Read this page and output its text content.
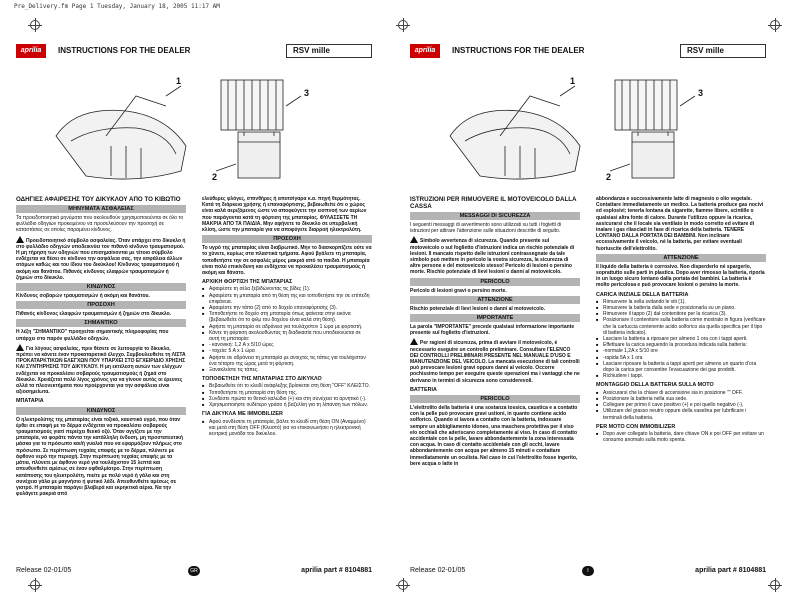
Pre_Delivery.fm Page 1 Tuesday, January 18, 2005 11:17 AM
aprilia	INSTRUCTIONS FOR THE DEALER	RSV mille
1
2
3
ΟΔΗΓΙΕΣ ΑΦΑΙΡΕΣΗΣ ΤΟΥ ΔΙΚΥΚΛΟΥ ΑΠΟ ΤΟ ΚΙΒΩΤΙΟ
ΜΗΝΥΜΑΤΑ ΑΣΦΑΛΕΙΑΣ

Τα προειδοποιητικά μηνύματα που ακολουθούν χρησιμοποιούνται σε όλο το φυλλάδιο οδηγιών προκειμένου να προσελκύσουν την προσοχή σε καταστάσεις σε οποίες παραμένει κίνδυνος.

Προειδοποιητικό σύμβολο ασφαλείας. Όταν υπάρχει στο δίκυκλο ή στο φυλλάδιο οδηγιών υποδεικνύει τον πιθανό κίνδυνο τραυματισμού. Η μη τήρηση των οδηγιών που επισημαίνονται με τέτοιο σύμβολο ενδέχεται να θέσει σε κίνδυνο την ασφάλεια σας, την ασφάλεια άλλων ατόμων καθώς και του ίδιου του δικύκλου! Κίνδυνος τραυματισμού ή ακόμη και θανάτου. Πιθανός κίνδυνος ελαφρών τραυματισμών ή ζημιών στο δίκυκλο.

ΚΙΝΔΥΝΟΣ

Κίνδυνος σοβαρών τραυματισμών ή ακόμη και θανάτου.

ΠΡΟΣΟΧΗ

Πιθανός κίνδυνος ελαφρών τραυματισμών ή ζημιών στο δίκυκλο.

ΣΗΜΑΝΤΙΚΟ

Η λέξη "ΣΗΜΑΝΤΙΚΟ" προηγείται σημαντικής πληροφορίας που υπάρχει στο παρόν φυλλάδιο οδηγιών.

Για λόγους ασφαλείας, πριν θέσετε σε λειτουργία το δίκυκλο, πρέπει να κάνετε έναν προκαταρκτικό έλεγχο. Συμβουλευθείτε τη ΛΙΣΤΑ ΠΡΟΚΑΤΑΡΚΤΙΚΩΝ ΕΛΕΓΧΩΝ ΠΟΥ ΥΠΑΡΧΕΙ ΣΤΟ ΕΓΧΕΙΡΙΔΙΟ ΧΡΗΣΗΣ ΚΑΙ ΣΥΝΤΗΡΗΣΗΣ ΤΟΥ ΔΙΚΥΚΛΟΥ. Η μη εκτέλεση αυτών των ελέγχων ενδέχεται να προκαλέσει σοβαρούς τραυματισμούς ή ζημιά στο δίκυκλο. Χρειάζεται πολύ λίγος χρόνος για να γίνουν αυτός οι έρευνες αλλά τα πλεονεκτήματα που προέρχονται για την ασφάλεια είναι αξιοσημείωτα.

ΜΠΑΤΑΡΙΑ
ΚΙΝΔΥΝΟΣ

Ο ηλεκτρολύτης της μπαταρίας είναι τοξικό, καυστικό υγρό, που όταν έρθει σε επαφή με το δέρμα ενδέχεται να προκαλέσει σοβαρούς τραυματισμούς γιατί περιέχει θειικό οξύ. Όταν αγγίζετε με την μπαταρία, να φοράτε πάντα την κατάλληλη ένδυση, μη προστατευτική μάσκα για το πρόσωπο και/ή γυαλιά που να εφαρμόζουν πλήρως στο πρόσωπο. Σε περίπτωση τυχαίας επαφής με το δέρμα, πλύνετε με άφθονο νερό την περιοχή. Στην περίπτωση τυχαίας επαφής με τα μάτια, πλύνετε με άφθονο νερό για τουλάχιστον 15 λεπτά και απευθυνθείτε αμέσως σε έναν οφθαλμίατρο. Στην περίπτωση κατάποσης του ηλεκτρολύτη, πιείτε με πολύ νερό ή γάλα και στη συνέχεια γάλα με μαγνήσιο ή φυτικό λάδι. Απευθυνθείτε αμέσως σε γιατρό. Η μπαταρία παράγει βλαβερά και εκρηκτικά αέρια. Να την φυλάγετε μακριά από

ελεύθερες φλόγες, σπινθήρες ή αποτσίγαρα κ.α. πηγή θερμότητας. Κατά τη διάρκεια χρήσης ή επαναφόρτισης, βεβαιωθείτε ότι ο χώρος είναι καλά αεριζόμενος ώστε να αποφεύγετε την εισπνοή των αερίων που παράγονται κατά τη φόρτιση της μπαταρίας. ΦΥΛΑΣΣΕΤΕ ΤΗ ΜΑΚΡΙΑ ΑΠΟ ΤΑ ΠΑΙΔΙΑ. Μην αφήνετε το δίκυκλο σε υπερβολική κλίση, ώστε την μπαταρία για να αποφύγετε διαρροή ηλεκτρολύτη.

ΠΡΟΣΟΧΗ

Το υγρό της μπαταρίας είναι διαβρωτικό. Μην το διασκορπίζετε ούτε να το χύνετε, κυρίως στα πλαστικά τμήματα. Αφού βγάλετε τη μπαταρία, τοποθετήστε την σε ασφαλές μέρος μακριά από τα παιδιά. Η μπαταρία είναι πολύ επικίνδυνη και ενδέχεται να προκαλέσει τραυματισμούς ή ακόμη και θάνατο.

ΑΡΧΙΚΗ ΦΟΡΤΙΣΗ ΤΗΣ ΜΠΑΤΑΡΙΑΣ
■ Αφαιρέστε τη σέλα ξεβιδώνοντας τις βίδες (1).
■ Αφαιρέστε τη μπαταρία από τη θέση της και τοποθετήστε την σε επίπεδη επιφάνεια.
■ Αφαιρέστε την τάπα (2) από το δοχείο επαναφόρτισης (3).
■ Τοποθετήστε το δοχείο στη μπαταρία όπως φαίνεται στην εικόνα (βεβαιωθείτε ότι το φιλμ του δοχείου είναι καλά στη θέση).
■ Αφήστε τη μπαταρία σε αδράνεια για τουλάχιστον 1 ώρα με φορτιστή.
■ Κάντε τη φόρτιση ακολουθώντας τη διαδικασία που υποδεικνύεται σε αυτή τη μπαταρία:
■ - κανονική: 1,2 A x 5/10 ώρες
■ - ταχεία: 5 A x 1 ώρα
■ Αφήστε σε αδράνεια τη μπαταρία με ανοιχτές τις τάπες για τουλάχιστον ένα τέταρτο της ώρας μετά τη φόρτιση.
■ Ξανακλείστε τις τάπες.
ΤΟΠΟΘΕΤΗΣΗ ΤΗΣ ΜΠΑΤΑΡΙΑΣ ΣΤΟ ΔΙΚΥΚΛΟ
■ Βεβαιωθείτε ότι το κλειδί ανάφλεξης βρίσκεται στη θέση "OFF" ΚΛΕΙΣΤΟ.
■ Τοποθετήστε τη μπαταρία στη θέση της.
■ Συνδέστε πρώτα το θετικό καλώδιο (+) και στη συνέχεια το αρνητικό (-).
■ Χρησιμοποιήστε ουδέτερο γράσο ή βαζελίνη για τη λίπανση των πόλων.
ΓΙΑ ΔΙΚΥΚΛΑ ΜΕ IMMOBILIZER
■ Αφού συνδέσετε τη μπαταρία, βάλτε το κλειδί στη θέση ON (Αναμμένο) και μετά στη θέση OFF (Κλειστό) για να επικοινωνήσει η ηλεκτρονική κεντρική μονάδα του δικύκλου.
Release 02-01/05	GR	aprilia part # 8104881
aprilia	INSTRUCTIONS FOR THE DEALER	RSV mille
1
2
3
ISTRUZIONI PER RIMUOVERE IL MOTOVEICOLO DALLA CASSA
MESSAGGI DI SICUREZZA

I seguenti messaggi di avvertimento sono utilizzati su tutti i fogletti di istruzioni per attirare l'attenzione sulle situazioni descritte di seguito.

Simbolo avvertenza di sicurezza. Quando presente sul motoveicolo o sul foglietto d'istruzioni indica un rischio potenziale di lesioni. Il mancato rispetto delle istruzioni contrassegnate da tale simbolo può mettere in pericolo la vostra sicurezza, la sicurezza di altre persone e del motoveicolo stesso! Pericolo di lesioni o persino morte. Rischio potenziale di lievi lesioni o danni al motoveicolo.

PERICOLO

Pericolo di lesioni gravi o persino morte.

ATTENZIONE

Rischio potenziale di lievi lesioni o danni al motoveicolo.

IMPORTANTE

La parola "IMPORTANTE" precede qualsiasi informazione importante presente sul foglietto d'istruzioni.

Per ragioni di sicurezza, prima di avviare il motoveicolo, è necessario eseguire un controllo preliminare. Consultare l'ELENCO DEI CONTROLLI PRELIMINARI PRESENTE NEL MANUALE D'USO E MANUTENZIONE DEL VEICOLO. La mancata esecuzione di tali controlli può provocare lesioni gravi oppure danni al veicolo. Occorre pochissimo tempo per eseguire queste operazioni ma i vantaggi che ne derivano in termini di sicurezza sono considerevoli.

BATTERIA
PERICOLO

L'elettrolito della batteria è una sostanza tossica, caustica e a contatto con la pelle può provocare gravi ustioni, in quanto contiene acido solforico. Quando si lavora a contatto con la batteria, indossare sempre un abbigliamento idoneo, una maschera protettiva per il viso e/o occhiali che aderiscano completamente al viso. In caso di contatto accidentale con la pelle, lavare abbondantemente la zona interessata con acqua. In caso di contatto accidentale con gli occhi, lavare abbondantemente con acqua per almeno 15 minuti e contattare immediatamente un oculista. Nel caso in cui l'elettrolito fosse ingerito, bere acqua o latte in

abbondanza e successivamente latte di magnesio o olio vegetale. Contattare immediatamente un medico. La batteria produce gas nocivi ed esplosivi; tenerla lontana da sigarette, fiamme libere, scintille o qualsiasi altra fonte di calore. Durante l'utilizzo oppure la ricarica, assicurarsi che il locale sia ventilato in modo corretto ed evitare di inalare i gas rilasciati in fase di ricarica della batteria. TENERE LONTANO DALLA PORTATA DEI BAMBINI. Non inclinare eccessivamente il veicolo, né la batteria, per evitare eventuali fuoriuscite dell'elettrolito.

ATTENZIONE

Il liquido della batteria è corrosivo. Non disperderlo né spargerlo, soprattutto sulle parti in plastica. Dopo aver rimosso la batteria, riporla in un luogo sicuro lontano dalla portata dei bambini. La batteria è molto pericolosa e può provocare lesioni o persino la morte.

CARICA INIZIALE DELLA BATTERIA
■ Rimuovere la sella svitando le viti (1).
■ Rimuovere la batteria dalla sede e posizionarla su un piano.
■ Rimuovere il tappo (2) dal contenitore per la ricarica (3).
■ Posizionare il contenitore sulla batteria come mostrato in figura (verificare che la cartuccia contenente acido solforico sia quella specifica per il tipo di batteria indicato).
■ Lasciare la batteria a riposare per almeno 1 ora con i tappi aperti.
■ Effettuare la carica seguendo la procedura indicata sulla batteria:
■ -normale 1,2A x 5/10 ore
■ -rapida 5A x 1 ora
■ Lasciare riposare la batteria a tappi aperti per almeno un quarto d'ora dopo la carica per consentire l'evacuazione dei gas prodotti.
■ Richiudere i tappi.
MONTAGGIO DELLA BATTERIA SULLA MOTO
■ Assicurarsi che la chiave di accensione sia in posizione "" OFF.
■ Posizionare la batteria nella sua sede.
■ Collegare per primo il cavo positivo (+) e poi quello negativo (-).
■ Utilizzare del grasso neutro oppure della vaselina per lubrificare i terminali della batteria.
PER MOTO CON IMMOBILIZER
■ Dopo aver collegato la batteria, dare chiave ON e poi OFF per evitare un consumo anomalo sulla moto spenta.
Release 02-01/05	I	aprilia part # 8104881
